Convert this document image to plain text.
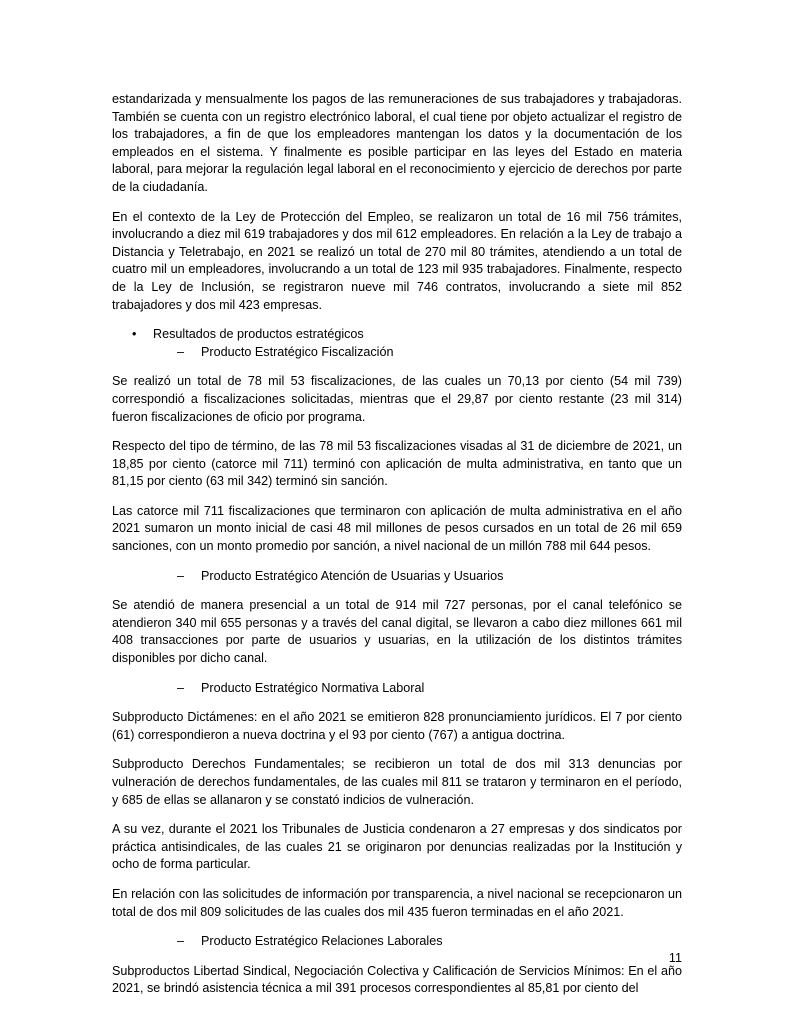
estandarizada y mensualmente los pagos de las remuneraciones de sus trabajadores y trabajadoras. También se cuenta con un registro electrónico laboral, el cual tiene por objeto actualizar el registro de los trabajadores, a fin de que los empleadores mantengan los datos y la documentación de los empleados en el sistema. Y finalmente es posible participar en las leyes del Estado en materia laboral, para mejorar la regulación legal laboral en el reconocimiento y ejercicio de derechos por parte de la ciudadanía.

En el contexto de la Ley de Protección del Empleo, se realizaron un total de 16 mil 756 trámites, involucrando a diez mil 619 trabajadores y dos mil 612 empleadores. En relación a la Ley de trabajo a Distancia y Teletrabajo, en 2021 se realizó un total de 270 mil 80 trámites, atendiendo a un total de cuatro mil un empleadores, involucrando a un total de 123 mil 935 trabajadores. Finalmente, respecto de la Ley de Inclusión, se registraron nueve mil 746 contratos, involucrando a siete mil 852 trabajadores y dos mil 423 empresas.

• Resultados de productos estratégicos
– Producto Estratégico Fiscalización

Se realizó un total de 78 mil 53 fiscalizaciones, de las cuales un 70,13 por ciento (54 mil 739) correspondió a fiscalizaciones solicitadas, mientras que el 29,87 por ciento restante (23 mil 314) fueron fiscalizaciones de oficio por programa.

Respecto del tipo de término, de las 78 mil 53 fiscalizaciones visadas al 31 de diciembre de 2021, un 18,85 por ciento (catorce mil 711) terminó con aplicación de multa administrativa, en tanto que un 81,15 por ciento (63 mil 342) terminó sin sanción.

Las catorce mil 711 fiscalizaciones que terminaron con aplicación de multa administrativa en el año 2021 sumaron un monto inicial de casi 48 mil millones de pesos cursados en un total de 26 mil 659 sanciones, con un monto promedio por sanción, a nivel nacional de un millón 788 mil 644 pesos.

– Producto Estratégico Atención de Usuarias y Usuarios

Se atendió de manera presencial a un total de 914 mil 727 personas, por el canal telefónico se atendieron 340 mil 655 personas y a través del canal digital, se llevaron a cabo diez millones 661 mil 408 transacciones por parte de usuarios y usuarias, en la utilización de los distintos trámites disponibles por dicho canal.

– Producto Estratégico Normativa Laboral

Subproducto Dictámenes: en el año 2021 se emitieron 828 pronunciamiento jurídicos. El 7 por ciento (61) correspondieron a nueva doctrina y el 93 por ciento (767) a antigua doctrina.

Subproducto Derechos Fundamentales; se recibieron un total de dos mil 313 denuncias por vulneración de derechos fundamentales, de las cuales mil 811 se trataron y terminaron en el período, y 685 de ellas se allanaron y se constató indicios de vulneración.

A su vez, durante el 2021 los Tribunales de Justicia condenaron a 27 empresas y dos sindicatos por práctica antisindicales, de las cuales 21 se originaron por denuncias realizadas por la Institución y ocho de forma particular.

En relación con las solicitudes de información por transparencia, a nivel nacional se recepcionaron un total de dos mil 809 solicitudes de las cuales dos mil 435 fueron terminadas en el año 2021.

– Producto Estratégico Relaciones Laborales

Subproductos Libertad Sindical, Negociación Colectiva y Calificación de Servicios Mínimos: En el año 2021, se brindó asistencia técnica a mil 391 procesos correspondientes al 85,81 por ciento del

11
